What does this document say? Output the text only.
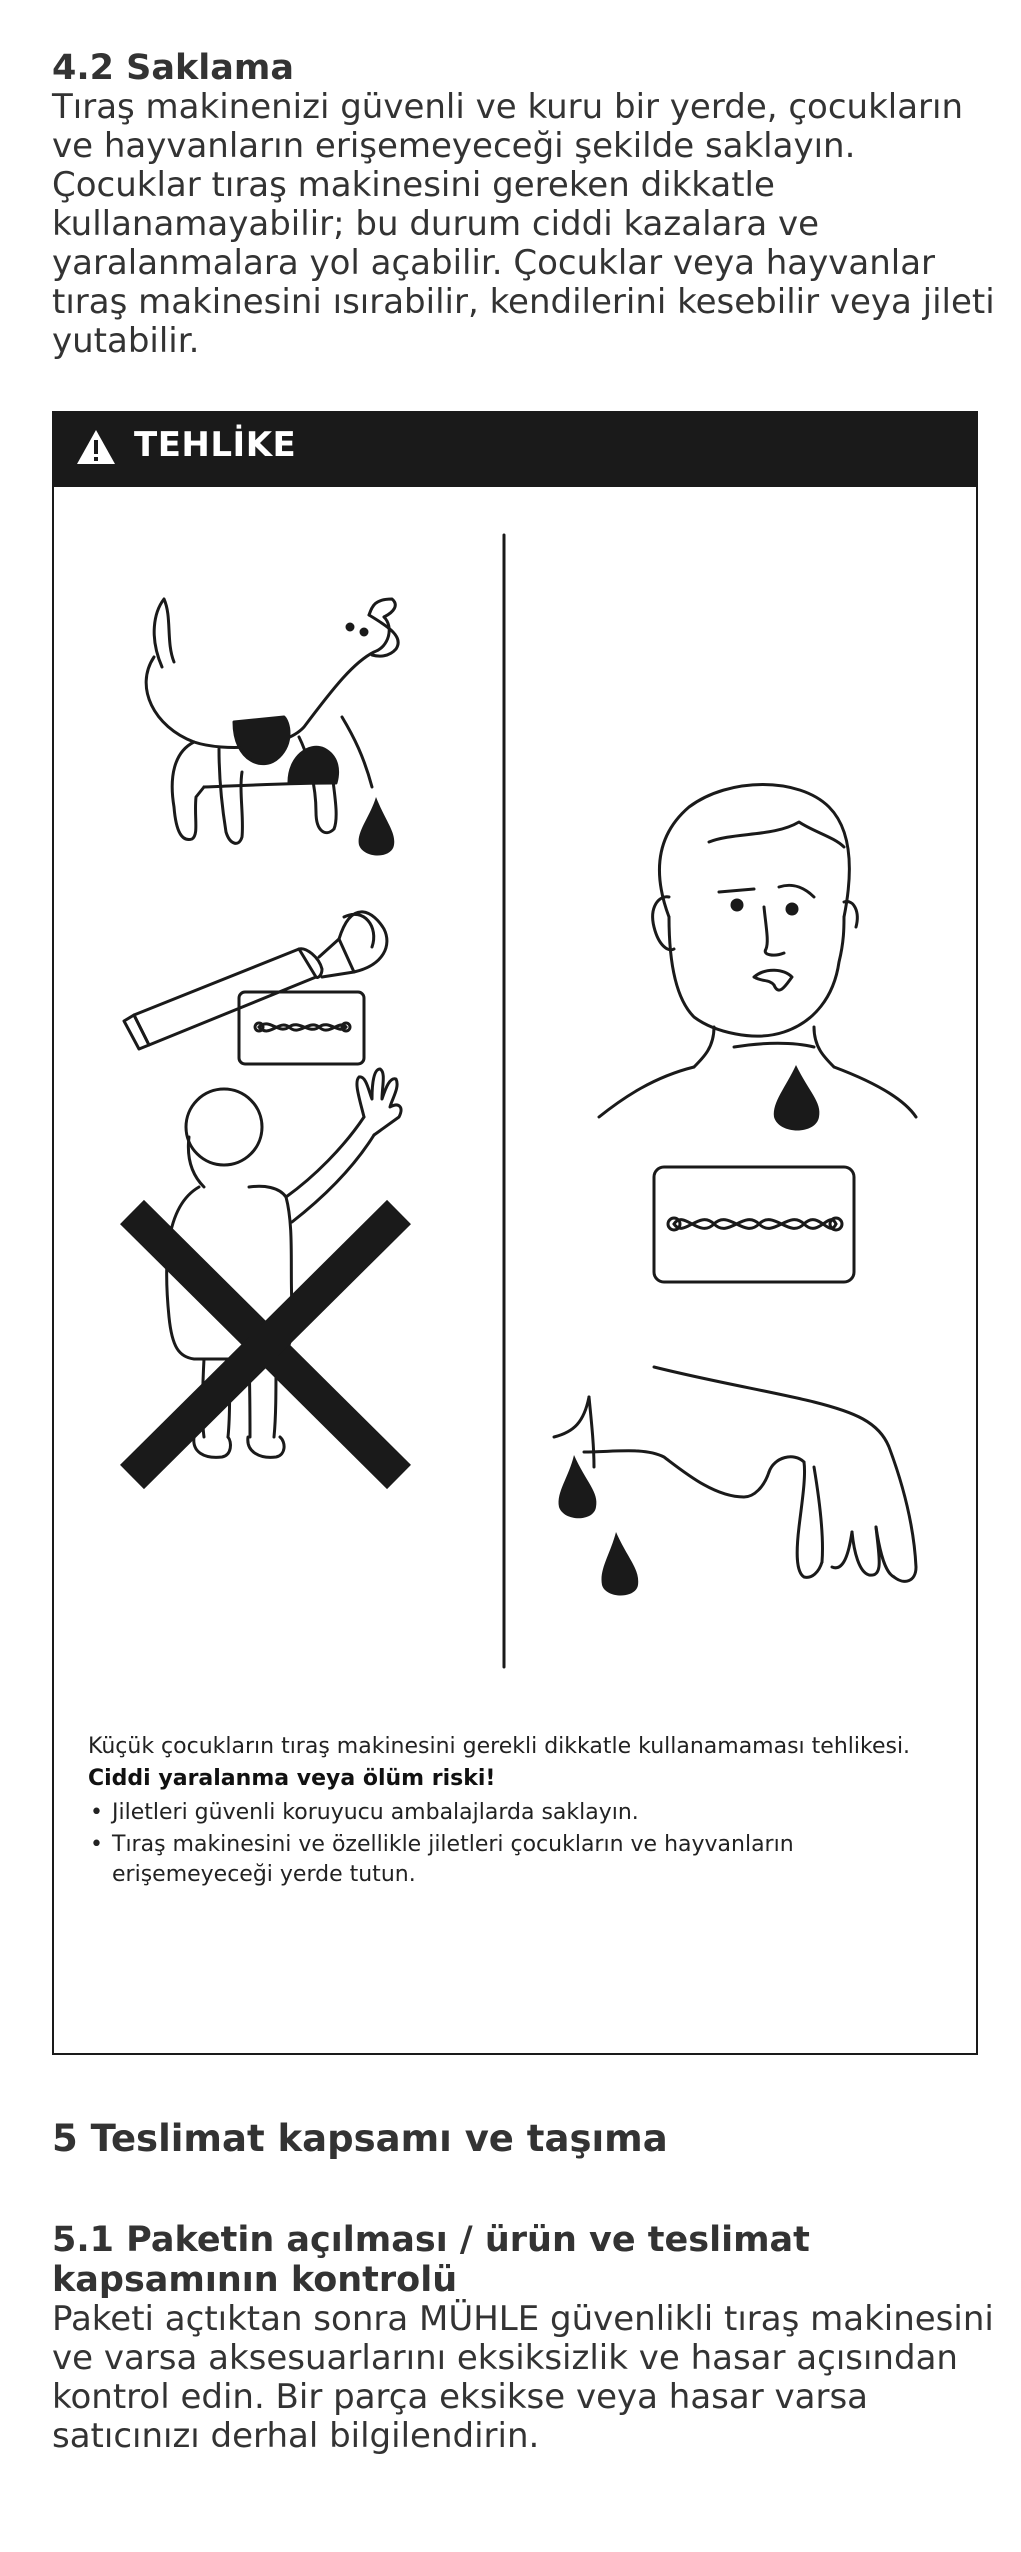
4.2 Saklama

Tıraş makinenizi güvenli ve kuru bir yerde, çocukların ve hayvanların erişemeyeceği şekilde saklayın. Çocuklar tıraş makinesini gereken dikkatle kullanamayabilir; bu durum ciddi kazalara ve yaralanmalara yol açabilir. Çocuklar veya hayvanlar tıraş makinesini ısırabilir, kendilerini kesebilir veya jileti yutabilir.

TEHLİKE

Küçük çocukların tıraş makinesini gerekli dikkatle kullanamaması tehlikesi.

Ciddi yaralanma veya ölüm riski!

• Jiletleri güvenli koruyucu ambalajlarda saklayın.
• Tıraş makinesini ve özellikle jiletleri çocukların ve hayvanların erişemeyeceği yerde tutun.
5 Teslimat kapsamı ve taşıma
5.1 Paketin açılması / ürün ve teslimat kapsamının kontrolü

Paketi açtıktan sonra MÜHLE güvenlikli tıraş makinesini ve varsa aksesuarlarını eksiksizlik ve hasar açısından kontrol edin. Bir parça eksikse veya hasar varsa satıcınızı derhal bilgilendirin.
